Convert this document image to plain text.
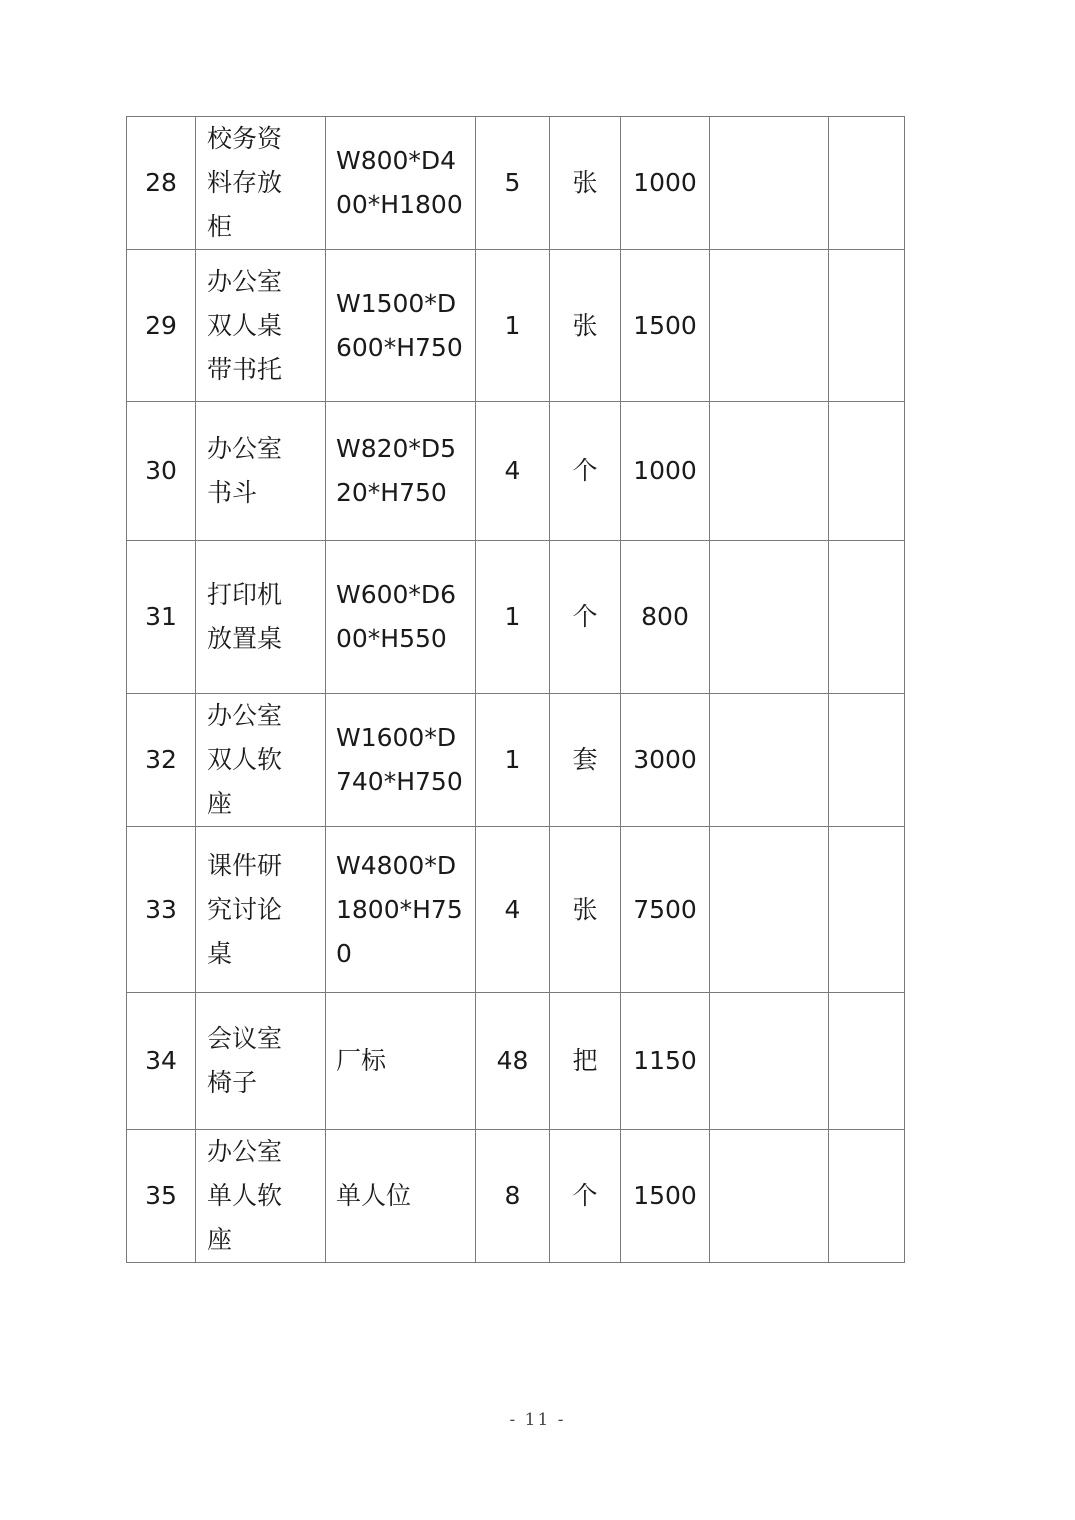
28	校务资
料存放
柜	W800*D4
00*H1800	5	张	1000		
29	办公室
双人桌
带书托	W1500*D
600*H750	1	张	1500		
30	办公室
书斗	W820*D5
20*H750	4	个	1000		
31	打印机
放置桌	W600*D6
00*H550	1	个	800		
32	办公室
双人软
座	W1600*D
740*H750	1	套	3000		
33	课件研
究讨论
桌	W4800*D
1800*H75
0	4	张	7500		
34	会议室
椅子	厂标	48	把	1150		
35	办公室
单人软
座	单人位	8	个	1500		
- 11 -
